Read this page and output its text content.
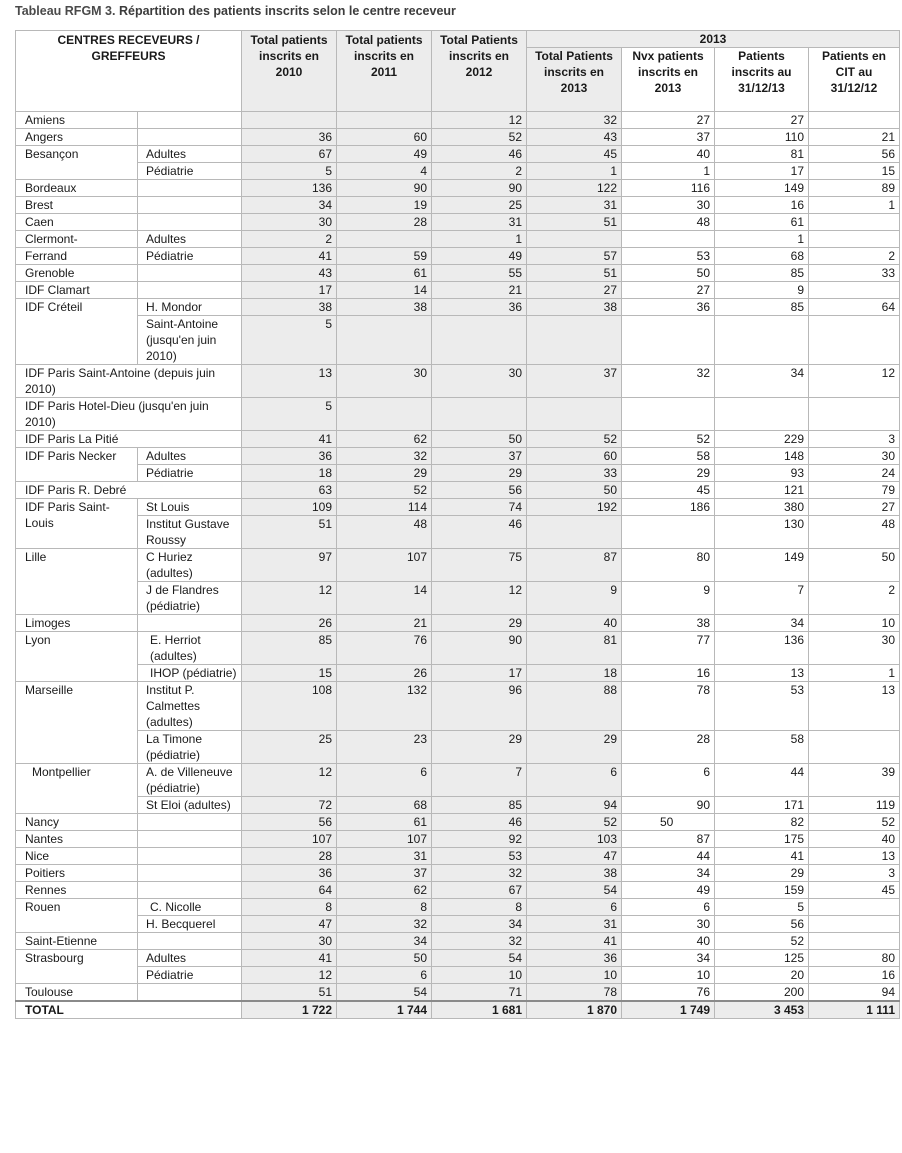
Tableau RFGM 3. Répartition des patients inscrits selon le centre receveur
CENTRES RECEVEURS / GREFFEURS		Total patients inscrits en 2010	Total patients inscrits en 2011	Total Patients inscrits en 2012	2013			
					Total Patients inscrits en 2013	Nvx patients inscrits en 2013	Patients inscrits au 31/12/13	Patients en CIT au 31/12/12
Amiens				12	32	27	27	
Angers		36	60	52	43	37	110	21
Besançon	Adultes	67	49	46	45	40	81	56
	Pédiatrie	5	4	2	1	1	17	15
Bordeaux		136	90	90	122	116	149	89
Brest		34	19	25	31	30	16	1
Caen		30	28	31	51	48	61	
Clermont-	Adultes	2		1			1	
Ferrand	Pédiatrie	41	59	49	57	53	68	2
Grenoble		43	61	55	51	50	85	33
IDF Clamart		17	14	21	27	27	9	
IDF Créteil	H. Mondor	38	38	36	38	36	85	64
	Saint-Antoine (jusqu'en juin 2010)	5						
IDF Paris Saint-Antoine (depuis juin 2010)		13	30	30	37	32	34	12
IDF Paris Hotel-Dieu (jusqu'en juin 2010)		5						
IDF Paris La Pitié		41	62	50	52	52	229	3
IDF Paris Necker	Adultes	36	32	37	60	58	148	30
	Pédiatrie	18	29	29	33	29	93	24
IDF Paris R. Debré		63	52	56	50	45	121	79
IDF Paris Saint-Louis	St Louis	109	114	74	192	186	380	27
	Institut Gustave Roussy	51	48	46			130	48
Lille	C Huriez (adultes)	97	107	75	87	80	149	50
	J de Flandres (pédiatrie)	12	14	12	9	9	7	2
Limoges		26	21	29	40	38	34	10
Lyon	E. Herriot (adultes)	85	76	90	81	77	136	30
	IHOP (pédiatrie)	15	26	17	18	16	13	1
Marseille	Institut P. Calmettes (adultes)	108	132	96	88	78	53	13
	La Timone (pédiatrie)	25	23	29	29	28	58	
Montpellier	A. de Villeneuve (pédiatrie)	12	6	7	6	6	44	39
	St Eloi (adultes)	72	68	85	94	90	171	119
Nancy		56	61	46	52	50	82	52
Nantes		107	107	92	103	87	175	40
Nice		28	31	53	47	44	41	13
Poitiers		36	37	32	38	34	29	3
Rennes		64	62	67	54	49	159	45
Rouen	C. Nicolle	8	8	8	6	6	5	
	H. Becquerel	47	32	34	31	30	56	
Saint-Etienne		30	34	32	41	40	52	
Strasbourg	Adultes	41	50	54	36	34	125	80
	Pédiatrie	12	6	10	10	10	20	16
Toulouse		51	54	71	78	76	200	94
TOTAL		1 722	1 744	1 681	1 870	1 749	3 453	1 111
